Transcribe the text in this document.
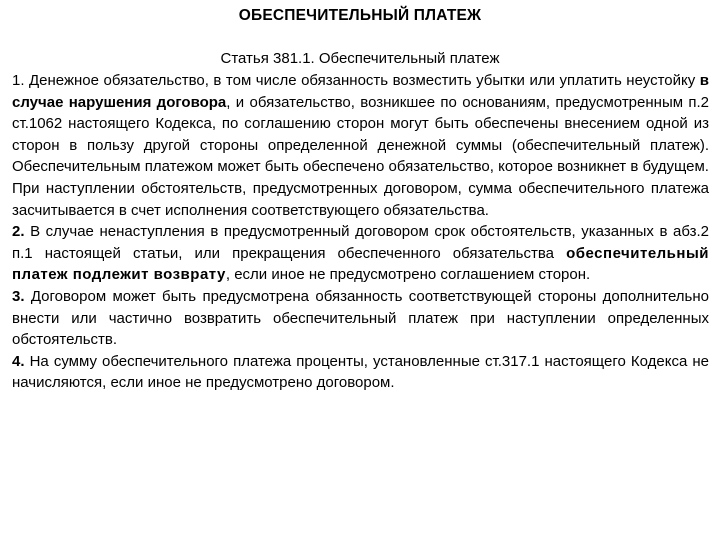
ОБЕСПЕЧИТЕЛЬНЫЙ ПЛАТЕЖ
Статья 381.1. Обеспечительный платеж

1. Денежное обязательство, в том числе обязанность возместить убытки или уплатить неустойку в случае нарушения договора, и обязательство, возникшее по основаниям, предусмотренным п.2 ст.1062 настоящего Кодекса, по соглашению сторон могут быть обеспечены внесением одной из сторон в пользу другой стороны определенной денежной суммы (обеспечительный платеж). Обеспечительным платежом может быть обеспечено обязательство, которое возникнет в будущем.

При наступлении обстоятельств, предусмотренных договором, сумма обеспечительного платежа засчитывается в счет исполнения соответствующего обязательства.

2. В случае ненаступления в предусмотренный договором срок обстоятельств, указанных в абз.2 п.1 настоящей статьи, или прекращения обеспеченного обязательства обеспечительный платеж подлежит возврату, если иное не предусмотрено соглашением сторон.

3. Договором может быть предусмотрена обязанность соответствующей стороны дополнительно внести или частично возвратить обеспечительный платеж при наступлении определенных обстоятельств.

4. На сумму обеспечительного платежа проценты, установленные ст.317.1 настоящего Кодекса не начисляются, если иное не предусмотрено договором.
